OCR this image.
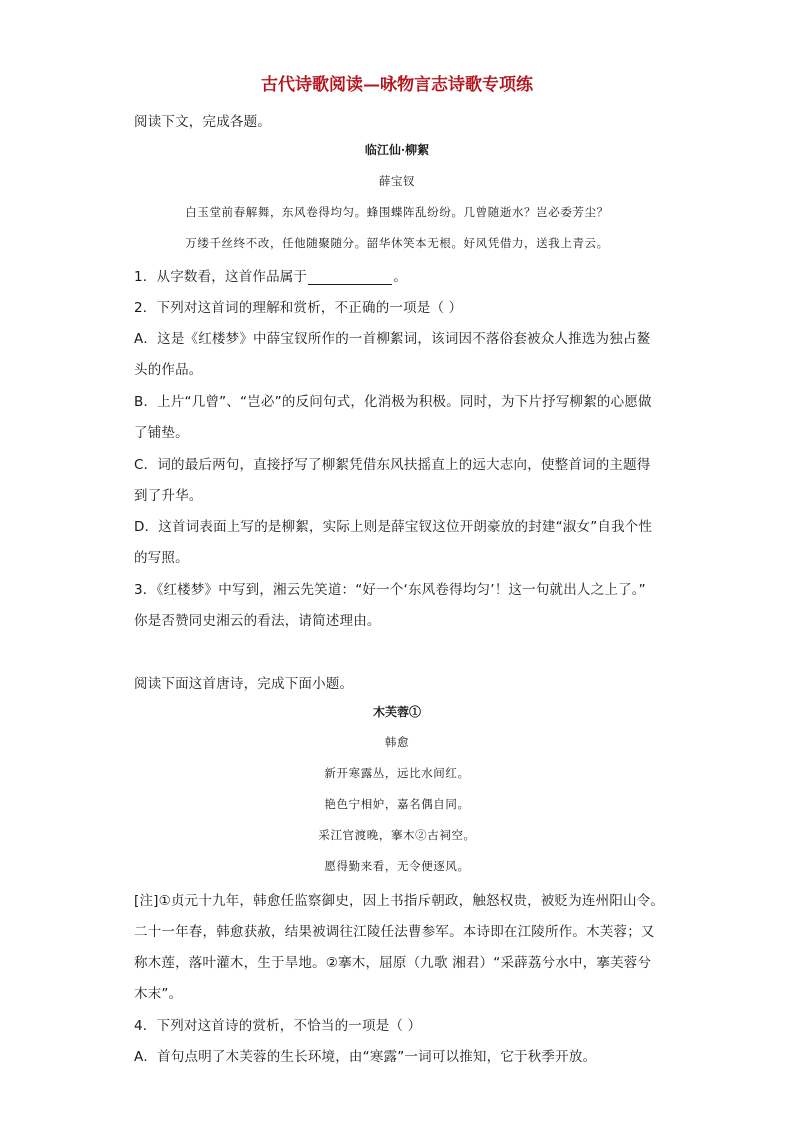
古代诗歌阅读—咏物言志诗歌专项练
阅读下文，完成各题。
临江仙·柳絮
薛宝钗
白玉堂前春解舞，东风卷得均匀。蜂围蝶阵乱纷纷。几曾随逝水？岂必委芳尘？
万缕千丝终不改，任他随聚随分。韶华休笑本无根。好风凭借力，送我上青云。
1．从字数看，这首作品属于	。
2．下列对这首词的理解和赏析，不正确的一项是（ ）
A．这是《红楼梦》中薛宝钗所作的一首柳絮词，该词因不落俗套被众人推选为独占鳌
头的作品。
B．上片“几曾”、“岂必”的反问句式，化消极为积极。同时，为下片抒写柳絮的心愿做
了铺垫。
C．词的最后两句，直接抒写了柳絮凭借东风扶摇直上的远大志向，使整首词的主题得
到了升华。
D．这首词表面上写的是柳絮，实际上则是薛宝钗这位开朗豪放的封建“淑女”自我个性
的写照。
3．《红楼梦》中写到，湘云先笑道：“好一个‘东风卷得均匀’！这一句就出人之上了。”
你是否赞同史湘云的看法，请简述理由。
阅读下面这首唐诗，完成下面小题。
木芙蓉①
韩愈
新开寒露丛，远比水间红。
艳色宁相妒，嘉名偶自同。
采江官渡晚，搴木②古祠空。
愿得勤来看，无令便逐风。
[注]①贞元十九年，韩愈任监察御史，因上书指斥朝政，触怒权贵，被贬为连州阳山令。
二十一年春，韩愈获赦，结果被调往江陵任法曹参军。本诗即在江陵所作。木芙蓉；又
称木莲，落叶灌木，生于旱地。②搴木，屈原（九歌 湘君）“采薜荔兮水中，搴芙蓉兮
木末”。
4．下列对这首诗的赏析，不恰当的一项是（ ）
A．首句点明了木芙蓉的生长环境，由“寒露”一词可以推知，它于秋季开放。
